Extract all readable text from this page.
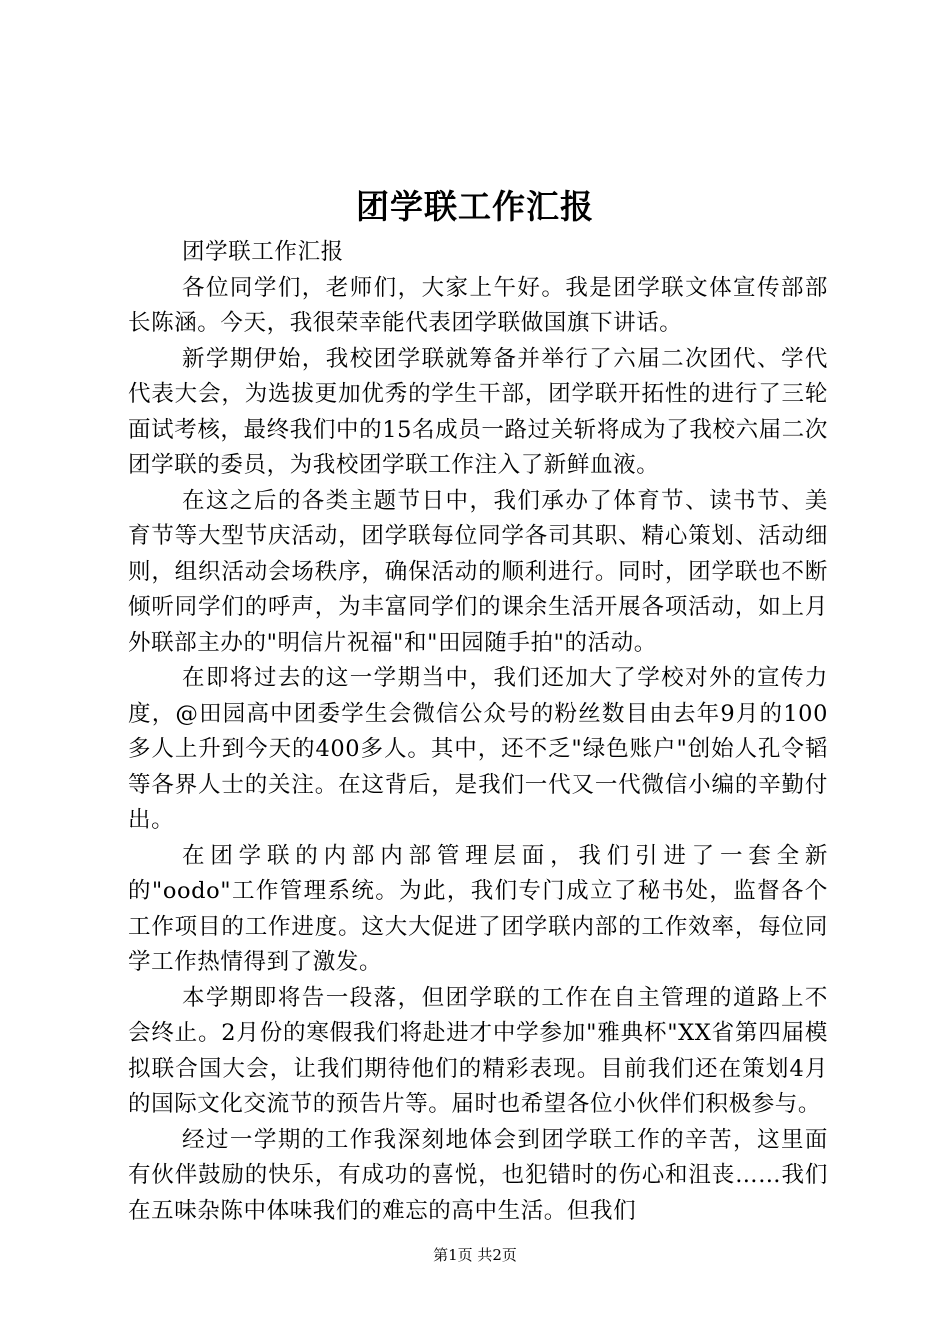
团学联工作汇报

团学联工作汇报

各位同学们，老师们，大家上午好。我是团学联文体宣传部部长陈涵。今天，我很荣幸能代表团学联做国旗下讲话。

新学期伊始，我校团学联就筹备并举行了六届二次团代、学代代表大会，为选拔更加优秀的学生干部，团学联开拓性的进行了三轮面试考核，最终我们中的15名成员一路过关斩将成为了我校六届二次团学联的委员，为我校团学联工作注入了新鲜血液。

在这之后的各类主题节日中，我们承办了体育节、读书节、美育节等大型节庆活动，团学联每位同学各司其职、精心策划、活动细则，组织活动会场秩序，确保活动的顺利进行。同时，团学联也不断倾听同学们的呼声，为丰富同学们的课余生活开展各项活动，如上月外联部主办的"明信片祝福"和"田园随手拍"的活动。

在即将过去的这一学期当中，我们还加大了学校对外的宣传力度，@田园高中团委学生会微信公众号的粉丝数目由去年9月的100多人上升到今天的400多人。其中，还不乏"绿色账户"创始人孔令韬等各界人士的关注。在这背后，是我们一代又一代微信小编的辛勤付出。

在团学联的内部内部管理层面，我们引进了一套全新的"oodo"工作管理系统。为此，我们专门成立了秘书处，监督各个工作项目的工作进度。这大大促进了团学联内部的工作效率，每位同学工作热情得到了激发。

本学期即将告一段落，但团学联的工作在自主管理的道路上不会终止。2月份的寒假我们将赴进才中学参加"雅典杯"XX省第四届模拟联合国大会，让我们期待他们的精彩表现。目前我们还在策划4月的国际文化交流节的预告片等。届时也希望各位小伙伴们积极参与。

经过一学期的工作我深刻地体会到团学联工作的辛苦，这里面有伙伴鼓励的快乐，有成功的喜悦，也犯错时的伤心和沮丧……我们在五味杂陈中体味我们的难忘的高中生活。但我们

第1页 共2页
